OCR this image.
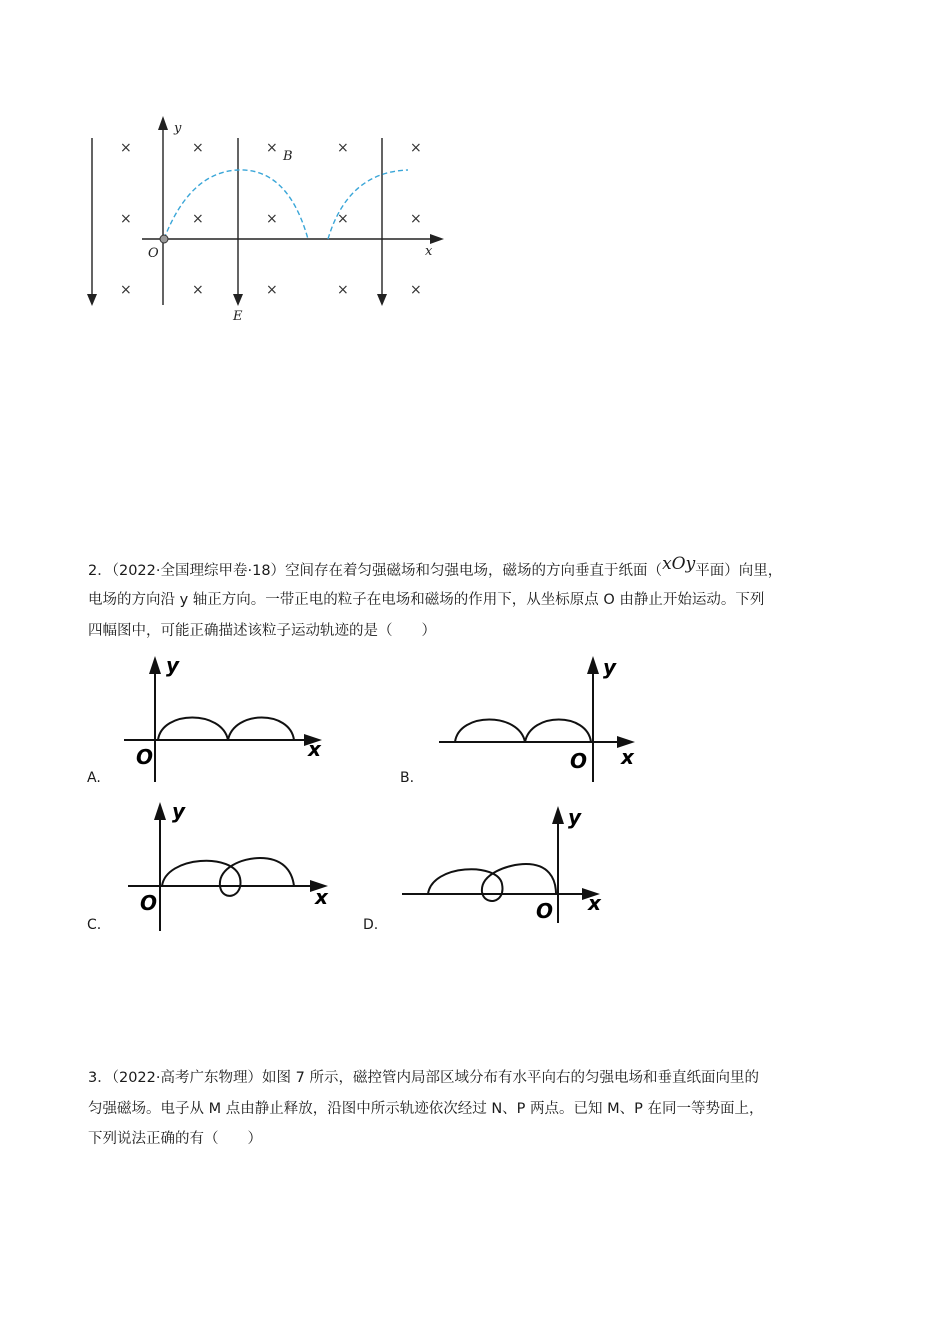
×	×	×	×	×
×	×	×	×	×
×	×	×	×	×
y
x
O
B
E
2．（2022·全国理综甲卷·18）空间存在着匀强磁场和匀强电场，磁场的方向垂直于纸面（xOy平面）向里，
电场的方向沿 y 轴正方向。一带正电的粒子在电场和磁场的作用下，从坐标原点 O 由静止开始运动。下列
四幅图中，可能正确描述该粒子运动轨迹的是（　　）
A.
y
x
O
B.
y
x
O
C.
y
x
O
D.
y
x
O
3．（2022·高考广东物理）如图 7 所示，磁控管内局部区域分布有水平向右的匀强电场和垂直纸面向里的
匀强磁场。电子从 M 点由静止释放，沿图中所示轨迹依次经过 N、P 两点。已知 M、P 在同一等势面上，
下列说法正确的有（　　）
